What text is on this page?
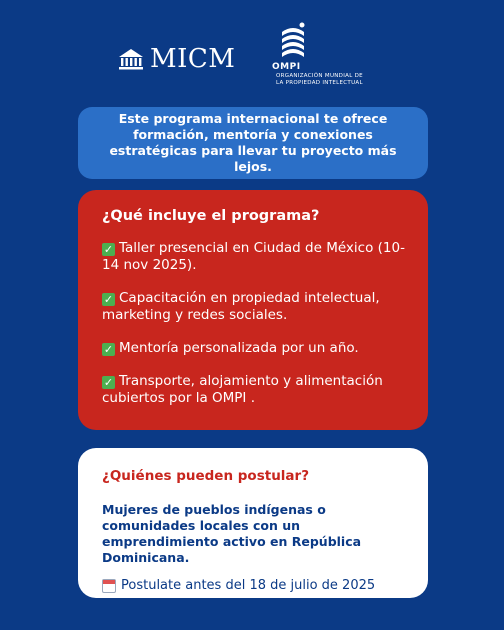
MICM	OMPI
ORGANIZACIÓN MUNDIAL DE LA PROPIEDAD INTELECTUAL
Este programa internacional te ofrece formación, mentoría y conexiones estratégicas para llevar tu proyecto más lejos.
¿Qué incluye el programa?
✓ Taller presencial en Ciudad de México (10-14 nov 2025).
✓ Capacitación en propiedad intelectual, marketing y redes sociales.
✓ Mentoría personalizada por un año.
✓ Transporte, alojamiento y alimentación cubiertos por la OMPI .
¿Quiénes pueden postular?
Mujeres de pueblos indígenas o comunidades locales con un emprendimiento activo en República Dominicana.
Postulate antes del 18 de julio de 2025
